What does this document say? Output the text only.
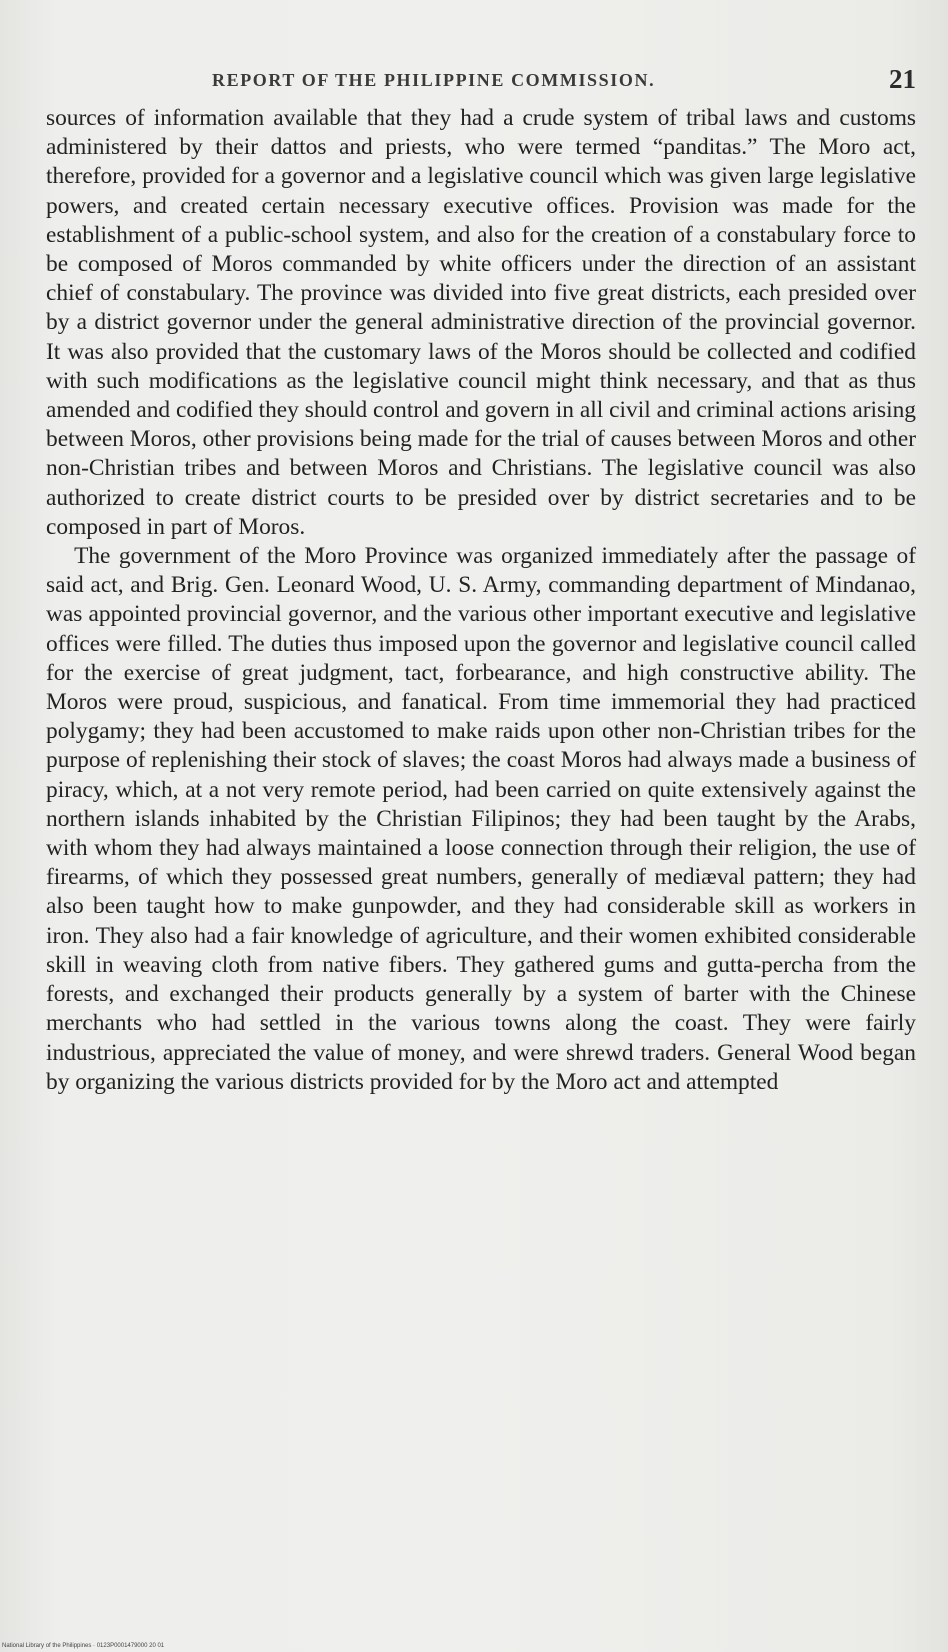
REPORT OF THE PHILIPPINE COMMISSION.	21

sources of information available that they had a crude system of tribal laws and customs administered by their dattos and priests, who were termed “panditas.” The Moro act, therefore, provided for a governor and a legislative council which was given large legislative powers, and created certain necessary executive offices. Provision was made for the establishment of a public-school system, and also for the creation of a constabulary force to be composed of Moros commanded by white officers under the direction of an assistant chief of constabulary. The province was divided into five great districts, each presided over by a district governor under the general administrative direction of the provincial governor. It was also provided that the customary laws of the Moros should be collected and codified with such modifications as the legislative council might think necessary, and that as thus amended and codified they should control and govern in all civil and criminal actions arising between Moros, other provisions being made for the trial of causes between Moros and other non-Christian tribes and between Moros and Christians. The legislative council was also authorized to create district courts to be presided over by district secretaries and to be composed in part of Moros.

The government of the Moro Province was organized immediately after the passage of said act, and Brig. Gen. Leonard Wood, U. S. Army, commanding department of Mindanao, was appointed provincial governor, and the various other important executive and legislative offices were filled. The duties thus imposed upon the governor and legislative council called for the exercise of great judgment, tact, forbearance, and high constructive ability. The Moros were proud, suspicious, and fanatical. From time immemorial they had practiced polygamy; they had been accustomed to make raids upon other non-Christian tribes for the purpose of replenishing their stock of slaves; the coast Moros had always made a business of piracy, which, at a not very remote period, had been carried on quite extensively against the northern islands inhabited by the Christian Filipinos; they had been taught by the Arabs, with whom they had always maintained a loose connection through their religion, the use of firearms, of which they possessed great numbers, generally of mediæval pattern; they had also been taught how to make gunpowder, and they had considerable skill as workers in iron. They also had a fair knowledge of agriculture, and their women exhibited considerable skill in weaving cloth from native fibers. They gathered gums and gutta-percha from the forests, and exchanged their products generally by a system of barter with the Chinese merchants who had settled in the various towns along the coast. They were fairly industrious, appreciated the value of money, and were shrewd traders. General Wood began by organizing the various districts provided for by the Moro act and attempted

National Library of the Philippines · 0123P0001479000 20 01
